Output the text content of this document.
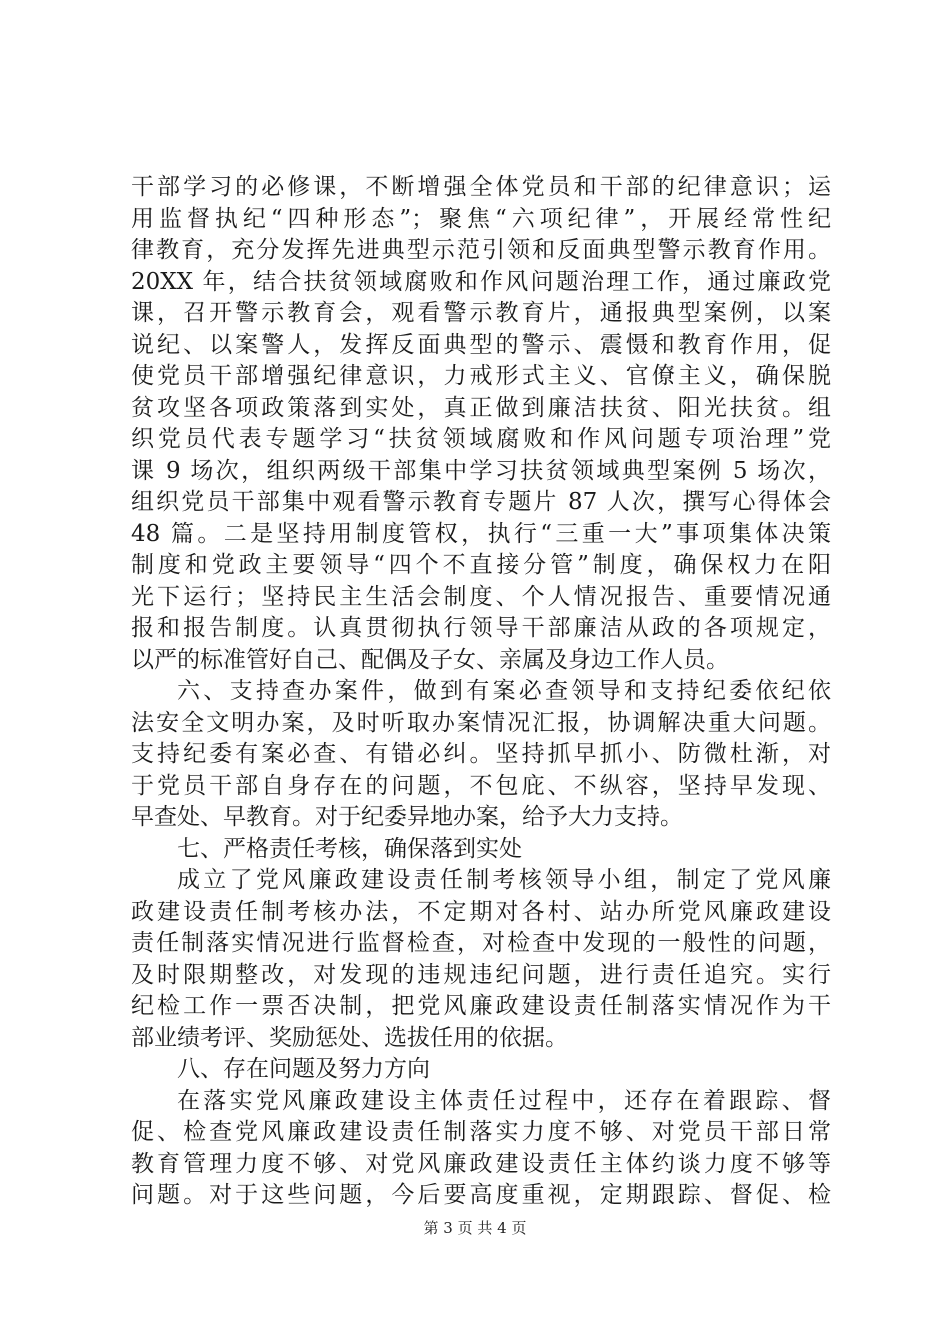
干部学习的必修课，不断增强全体党员和干部的纪律意识；运
用监督执纪“四种形态”；聚焦“六项纪律”，开展经常性纪
律教育，充分发挥先进典型示范引领和反面典型警示教育作用。
20XX 年，结合扶贫领域腐败和作风问题治理工作，通过廉政党
课，召开警示教育会，观看警示教育片，通报典型案例，以案
说纪、以案警人，发挥反面典型的警示、震慑和教育作用，促
使党员干部增强纪律意识，力戒形式主义、官僚主义，确保脱
贫攻坚各项政策落到实处，真正做到廉洁扶贫、阳光扶贫。组
织党员代表专题学习“扶贫领域腐败和作风问题专项治理”党
课 9 场次，组织两级干部集中学习扶贫领域典型案例 5 场次，
组织党员干部集中观看警示教育专题片 87 人次，撰写心得体会
48 篇。二是坚持用制度管权，执行“三重一大”事项集体决策
制度和党政主要领导“四个不直接分管”制度，确保权力在阳
光下运行；坚持民主生活会制度、个人情况报告、重要情况通
报和报告制度。认真贯彻执行领导干部廉洁从政的各项规定，
以严的标准管好自己、配偶及子女、亲属及身边工作人员。
六、支持查办案件，做到有案必查领导和支持纪委依纪依
法安全文明办案，及时听取办案情况汇报，协调解决重大问题。
支持纪委有案必查、有错必纠。坚持抓早抓小、防微杜渐，对
于党员干部自身存在的问题，不包庇、不纵容，坚持早发现、
早查处、早教育。对于纪委异地办案，给予大力支持。
七、严格责任考核，确保落到实处
成立了党风廉政建设责任制考核领导小组，制定了党风廉
政建设责任制考核办法，不定期对各村、站办所党风廉政建设
责任制落实情况进行监督检查，对检查中发现的一般性的问题，
及时限期整改，对发现的违规违纪问题，进行责任追究。实行
纪检工作一票否决制，把党风廉政建设责任制落实情况作为干
部业绩考评、奖励惩处、选拔任用的依据。
八、存在问题及努力方向
在落实党风廉政建设主体责任过程中，还存在着跟踪、督
促、检查党风廉政建设责任制落实力度不够、对党员干部日常
教育管理力度不够、对党风廉政建设责任主体约谈力度不够等
问题。对于这些问题，今后要高度重视，定期跟踪、督促、检
第 3 页 共 4 页
